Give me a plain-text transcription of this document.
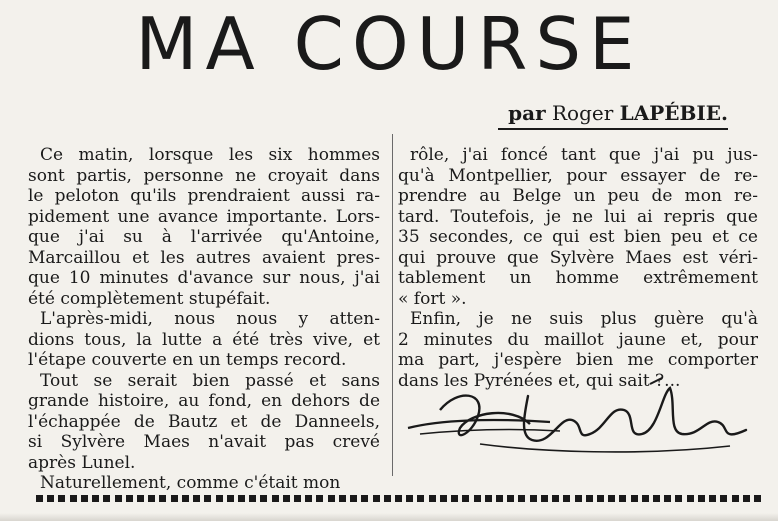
MA COURSE
par Roger LAPÉBIE.

Ce matin, lorsque les six hommes
sont partis, personne ne croyait dans
le peloton qu'ils prendraient aussi ra-
pidement une avance importante. Lors-
que j'ai su à l'arrivée qu'Antoine,
Marcaillou et les autres avaient pres-
que 10 minutes d'avance sur nous, j'ai
été complètement stupéfait.

L'après-midi, nous nous y atten-
dions tous, la lutte a été très vive, et
l'étape couverte en un temps record.

Tout se serait bien passé et sans
grande histoire, au fond, en dehors de
l'échappée de Bautz et de Danneels,
si Sylvère Maes n'avait pas crevé
après Lunel.

Naturellement, comme c'était mon

rôle, j'ai foncé tant que j'ai pu jus-
qu'à Montpellier, pour essayer de re-
prendre au Belge un peu de mon re-
tard. Toutefois, je ne lui ai repris que
35 secondes, ce qui est bien peu et ce
qui prouve que Sylvère Maes est véri-
tablement un homme extrêmement
« fort ».

Enfin, je ne suis plus guère qu'à
2 minutes du maillot jaune et, pour
ma part, j'espère bien me comporter
dans les Pyrénées et, qui sait ?...
